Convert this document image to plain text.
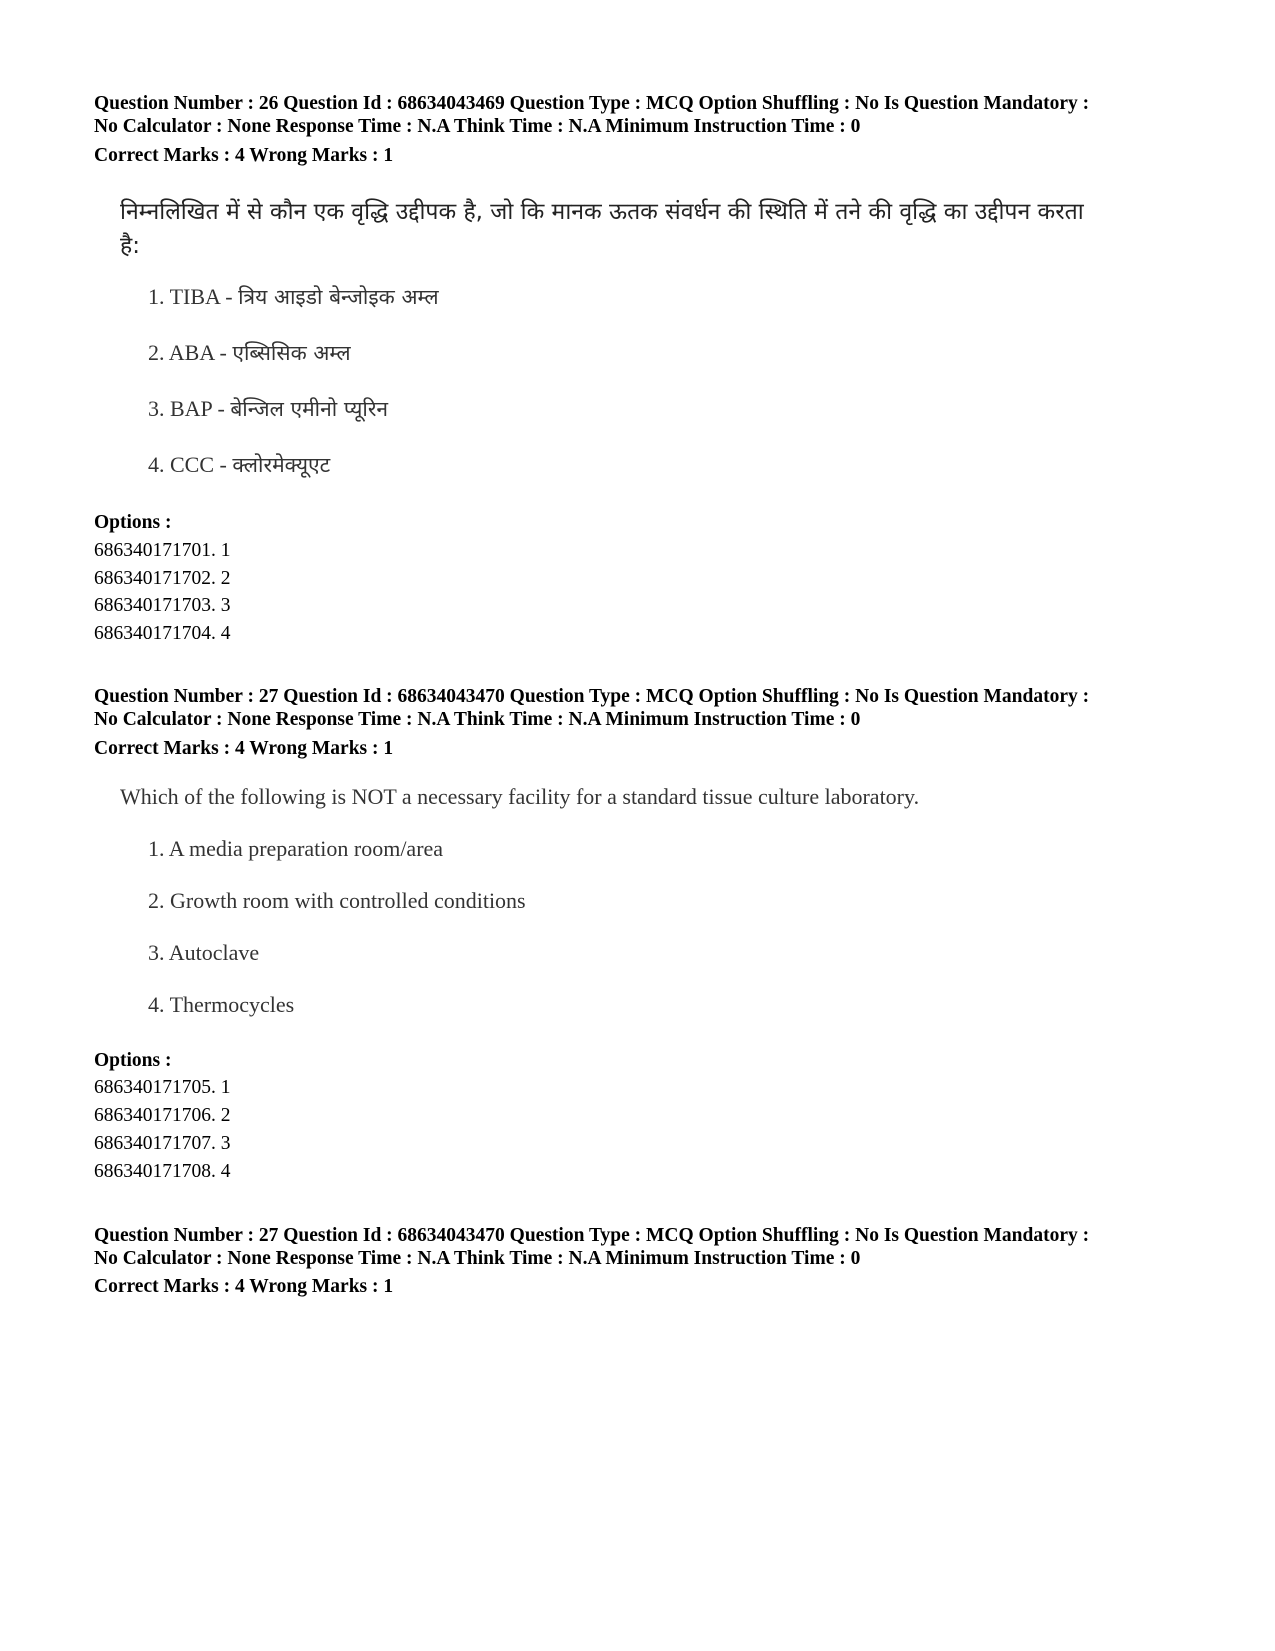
Question Number : 26 Question Id : 68634043469 Question Type : MCQ Option Shuffling : No Is Question Mandatory :
No Calculator : None Response Time : N.A Think Time : N.A Minimum Instruction Time : 0
Correct Marks : 4 Wrong Marks : 1
निम्नलिखित में से कौन एक वृद्धि उद्दीपक है, जो कि मानक ऊतक संवर्धन की स्थिति में तने की वृद्धि का उद्दीपन करता
है:
1. TIBA - त्रिय आइडो बेन्जोइक अम्ल
2. ABA - एब्सिसिक अम्ल
3. BAP - बेन्जिल एमीनो प्यूरिन
4. CCC - क्लोरमेक्यूएट
Options :
686340171701. 1
686340171702. 2
686340171703. 3
686340171704. 4
Question Number : 27 Question Id : 68634043470 Question Type : MCQ Option Shuffling : No Is Question Mandatory :
No Calculator : None Response Time : N.A Think Time : N.A Minimum Instruction Time : 0
Correct Marks : 4 Wrong Marks : 1
Which of the following is NOT a necessary facility for a standard tissue culture laboratory.
1. A media preparation room/area
2. Growth room with controlled conditions
3. Autoclave
4. Thermocycles
Options :
686340171705. 1
686340171706. 2
686340171707. 3
686340171708. 4
Question Number : 27 Question Id : 68634043470 Question Type : MCQ Option Shuffling : No Is Question Mandatory :
No Calculator : None Response Time : N.A Think Time : N.A Minimum Instruction Time : 0
Correct Marks : 4 Wrong Marks : 1
